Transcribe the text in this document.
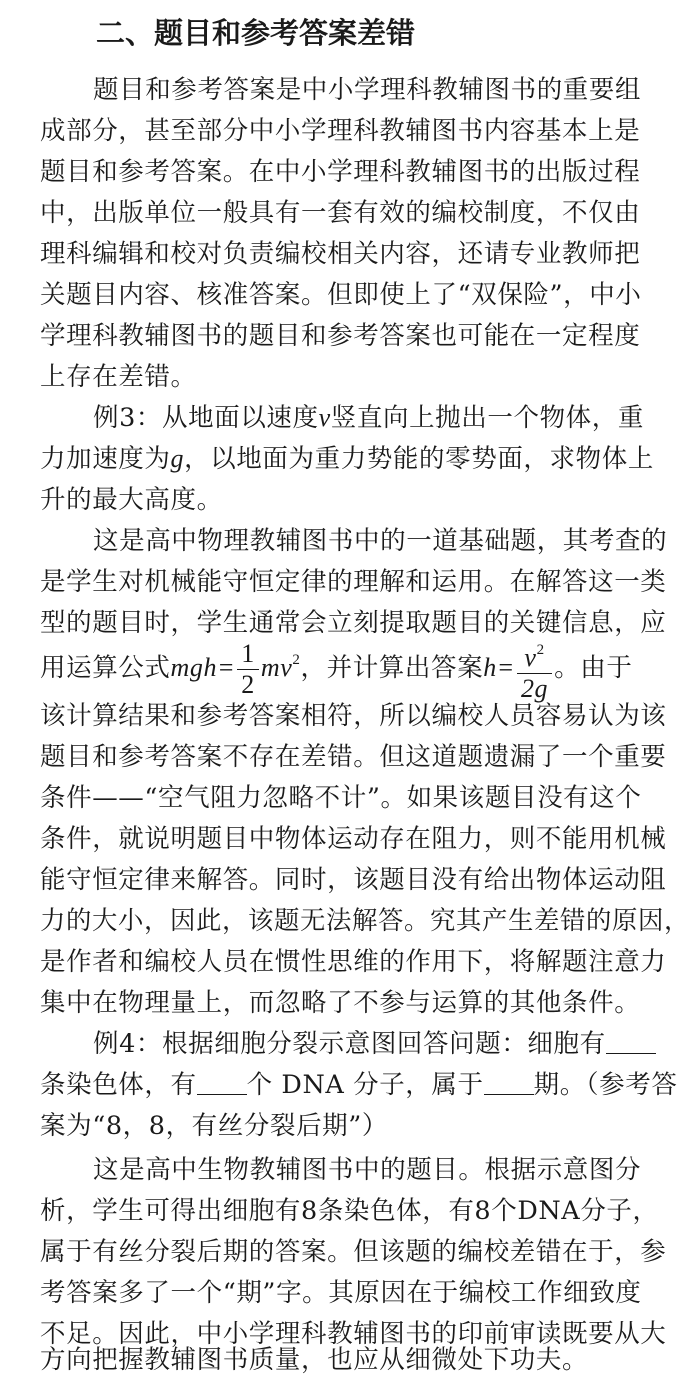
二、题目和参考答案差错
题目和参考答案是中小学理科教辅图书的重要组
成部分，甚至部分中小学理科教辅图书内容基本上是
题目和参考答案。在中小学理科教辅图书的出版过程
中，出版单位一般具有一套有效的编校制度，不仅由
理科编辑和校对负责编校相关内容，还请专业教师把
关题目内容、核准答案。但即使上了“双保险”，中小
学理科教辅图书的题目和参考答案也可能在一定程度
上存在差错。
例3：从地面以速度v竖直向上抛出一个物体，重
力加速度为g，以地面为重力势能的零势面，求物体上
升的最大高度。
这是高中物理教辅图书中的一道基础题，其考查的
是学生对机械能守恒定律的理解和运用。在解答这一类
型的题目时，学生通常会立刻提取题目的关键信息，应
用运算公式$mgh= \frac{1}{2} mv^2$，并计算出答案$h= \frac{v^2}{2g}$ 。由于
该计算结果和参考答案相符，所以编校人员容易认为该
题目和参考答案不存在差错。但这道题遗漏了一个重要
条件——“空气阻力忽略不计”。如果该题目没有这个
条件，就说明题目中物体运动存在阻力，则不能用机械
能守恒定律来解答。同时，该题目没有给出物体运动阻
力的大小，因此，该题无法解答。究其产生差错的原因，
是作者和编校人员在惯性思维的作用下，将解题注意力
集中在物理量上，而忽略了不参与运算的其他条件。
例4：根据细胞分裂示意图回答问题：细胞有
条染色体，有 个 DNA 分子，属于 期。（参考答
案为“8，8，有丝分裂后期”）
这是高中生物教辅图书中的题目。根据示意图分
析，学生可得出细胞有8条染色体，有8个DNA分子，
属于有丝分裂后期的答案。但该题的编校差错在于，参
考答案多了一个“期”字。其原因在于编校工作细致度
不足。因此，中小学理科教辅图书的印前审读既要从大
方向把握教辅图书质量，也应从细微处下功夫。
